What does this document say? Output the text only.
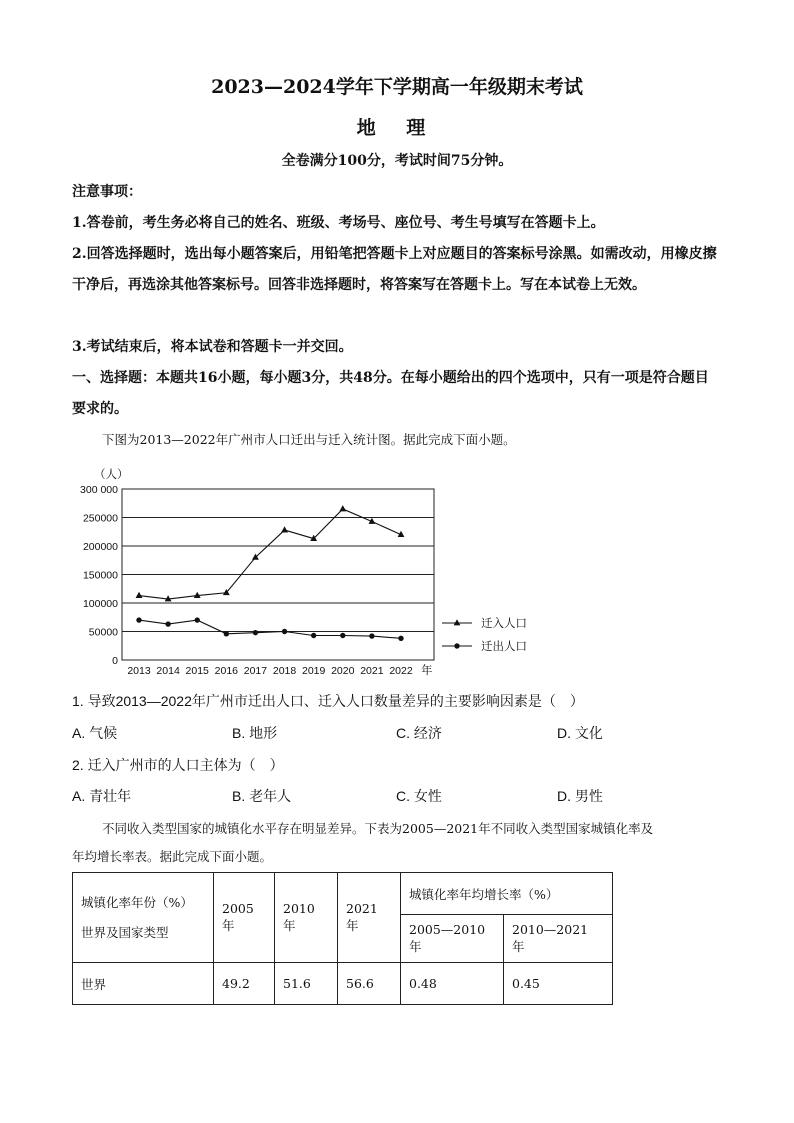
2023—2024学年下学期高一年级期末考试
地 理
全卷满分100分，考试时间75分钟。
注意事项：
1.答卷前，考生务必将自己的姓名、班级、考场号、座位号、考生号填写在答题卡上。
2.回答选择题时，选出每小题答案后，用铅笔把答题卡上对应题目的答案标号涂黑。如需改动，用橡皮擦干净后，再选涂其他答案标号。回答非选择题时，将答案写在答题卡上。写在本试卷上无效。
3.考试结束后，将本试卷和答题卡一并交回。
一、选择题：本题共16小题，每小题3分，共48分。在每小题给出的四个选项中，只有一项是符合题目要求的。
下图为2013—2022年广州市人口迁出与迁入统计图。据此完成下面小题。
0
50000
100000
150000
200000
250000
300 000
（人）
2013 2014 2015 2016 2017 2018 2019 2020 2021 2022 年
迁入人口
迁出人口
1. 导致2013—2022年广州市迁出人口、迁入人口数量差异的主要影响因素是（　）
A. 气候	B. 地形	C. 经济	D. 文化
2. 迁入广州市的人口主体为（　）
A. 青壮年	B. 老年人	C. 女性	D. 男性
不同收入类型国家的城镇化水平存在明显差异。下表为2005—2021年不同收入类型国家城镇化率及
年均增长率表。据此完成下面小题。
城镇化率年份（%）
世界及国家类型	2005 年	2010 年	2021 年	城镇化率年均增长率（%）	
				2005—2010 年	2010—2021 年
世界	49.2	51.6	56.6	0.48	0.45
